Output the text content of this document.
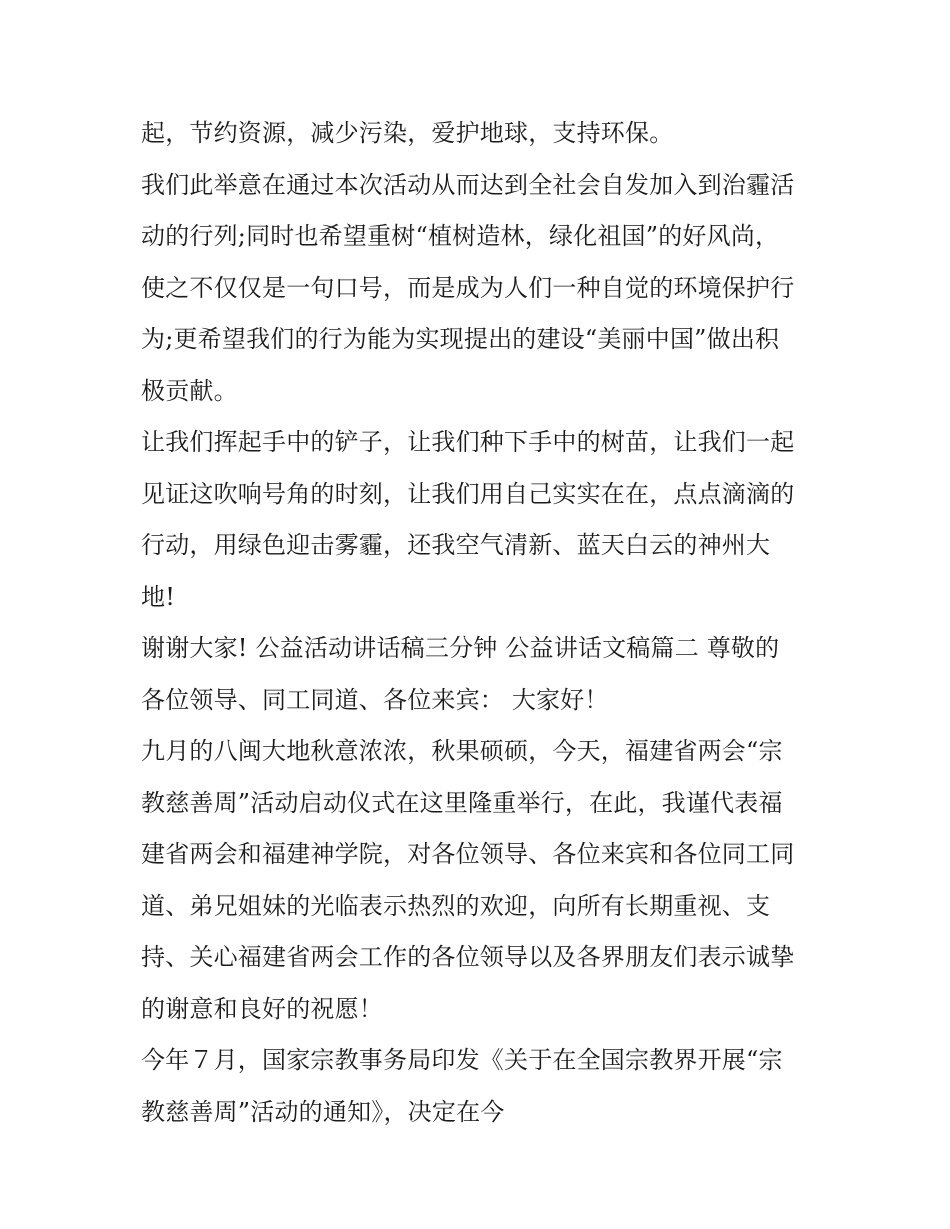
起，节约资源，减少污染，爱护地球，支持环保。
我们此举意在通过本次活动从而达到全社会自发加入到治霾活
动的行列;同时也希望重树“植树造林，绿化祖国”的好风尚，
使之不仅仅是一句口号，而是成为人们一种自觉的环境保护行
为;更希望我们的行为能为实现提出的建设“美丽中国”做出积
极贡献。
让我们挥起手中的铲子，让我们种下手中的树苗，让我们一起
见证这吹响号角的时刻，让我们用自己实实在在，点点滴滴的
行动，用绿色迎击雾霾，还我空气清新、蓝天白云的神州大
地!
谢谢大家! 公益活动讲话稿三分钟 公益讲话文稿篇二 尊敬的
各位领导、同工同道、各位来宾： 大家好！
九月的八闽大地秋意浓浓，秋果硕硕，今天，福建省两会“宗
教慈善周”活动启动仪式在这里隆重举行，在此，我谨代表福
建省两会和福建神学院，对各位领导、各位来宾和各位同工同
道、弟兄姐妹的光临表示热烈的欢迎，向所有长期重视、支
持、关心福建省两会工作的各位领导以及各界朋友们表示诚挚
的谢意和良好的祝愿！
今年７月，国家宗教事务局印发《关于在全国宗教界开展“宗
教慈善周”活动的通知》，决定在今
